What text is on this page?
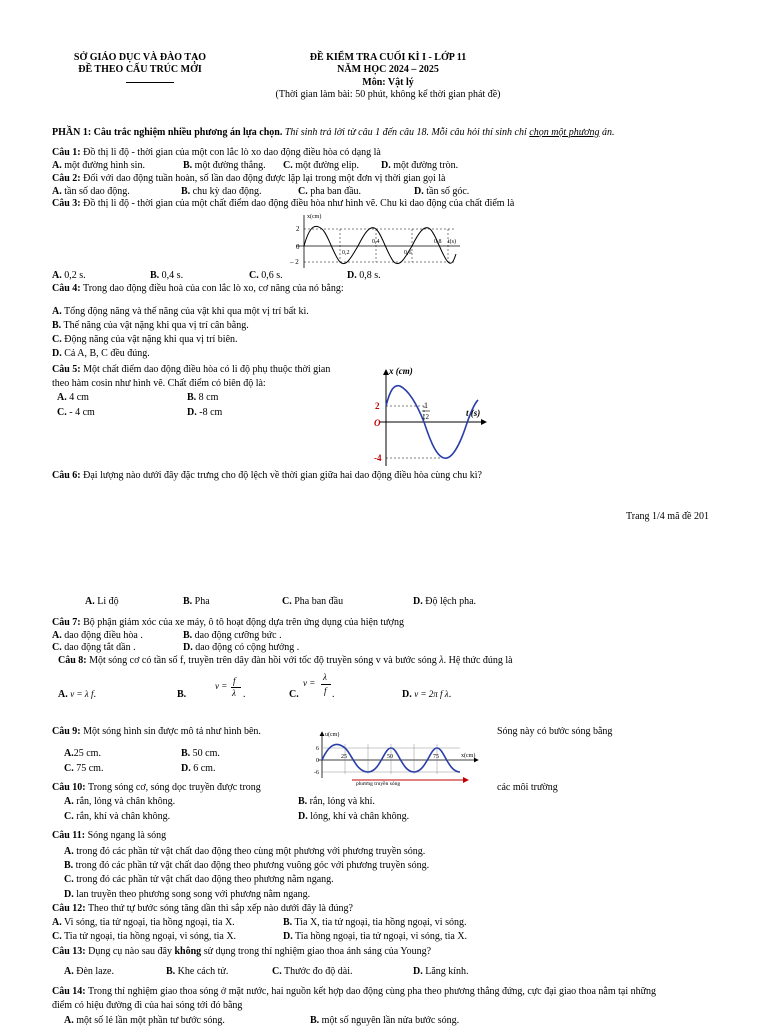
SỞ GIÁO DỤC VÀ ĐÀO TẠO
ĐỀ THEO CẤU TRÚC MỚI
ĐỀ KIỂM TRA CUỐI KÌ I - LỚP 11
NĂM HỌC 2024 – 2025
Môn: Vật lý
(Thời gian làm bài: 50 phút, không kể thời gian phát đề)
PHẦN 1: Câu trắc nghiệm nhiều phương án lựa chọn. Thí sinh trả lời từ câu 1 đến câu 18. Mỗi câu hỏi thí sinh chỉ chọn một phương án.
Câu 1: Đồ thị li độ - thời gian của một con lắc lò xo dao động điều hòa có dạng là
A. một đường hình sin.	B. một đường thẳng. C. một đường elip. D. một đường tròn.
Câu 2: Đối với dao động tuần hoàn, số lần dao động được lặp lại trong một đơn vị thời gian gọi là
A. tần số dao động.	B. chu kỳ dao động.	C. pha ban đầu.	D. tần số góc.
Câu 3: Đồ thị li độ - thời gian của một chất điểm dao động điều hòa như hình vẽ. Chu kì dao động của chất điểm là
x(cm)
t(s)
2
0
– 2
0,2
0,4
0,6
0,8
A. 0,2 s.	B. 0,4 s.	C. 0,6 s.	D. 0,8 s.
Câu 4: Trong dao động điều hoà của con lắc lò xo, cơ năng của nó bằng:
A. Tổng động năng và thế năng của vật khi qua một vị trí bất kì.
B. Thế năng của vật nặng khi qua vị trí cân bằng.
C. Động năng của vật nặng khi qua vị trí biên.
D. Cả A, B, C đều đúng.
Câu 5: Một chất điểm dao động điều hòa có li độ phụ thuộc thời gian
theo hàm cosin như hình vẽ. Chất điểm có biên độ là:
A. 4 cm	B. 8 cm
C. - 4 cm	D. -8 cm
x (cm)
t (s)
O
2
-4
1
12
Câu 6: Đại lượng nào dưới đây đặc trưng cho độ lệch về thời gian giữa hai dao động điều hòa cùng chu kì?
Trang 1/4 mã đề 201
A. Li độ	B. Pha	C. Pha ban đầu	D. Độ lệch pha.
Câu 7: Bộ phận giảm xóc của xe máy, ô tô hoạt động dựa trên ứng dụng của hiện tượng
A. dao động điều hòa .	B. dao động cưỡng bức .
C. dao động tắt dần .	D. dao động có cộng hưởng .
Câu 8: Một sóng cơ có tần số f, truyền trên dây đàn hồi với tốc độ truyền sóng v và bước sóng λ. Hệ thức đúng là
A. v = λ f.	B.
v = f
λ .	C.
v =
λ
f .	D. v = 2π f λ.
Câu 9: Một sóng hình sin được mô tả như hình bên.	Sóng này có bước sóng bằng
A.25 cm.	B. 50 cm.
C. 75 cm.	D. 6 cm.
u(cm)
x(cm)
6
0
-6
25	50	75
phương truyền sóng
Câu 10: Trong sóng cơ, sóng dọc truyền được trong	các môi trường
A. rắn, lỏng và chân không.	B. rắn, lỏng và khí.
C. rắn, khí và chân không.	D. lỏng, khí và chân không.
Câu 11: Sóng ngang là sóng
A. trong đó các phần tử vật chất dao động theo cùng một phương với phương truyền sóng.
B. trong đó các phần tử vật chất dao động theo phương vuông góc với phương truyền sóng.
C. trong đó các phần tử vật chất dao động theo phương nằm ngang.
D. lan truyền theo phương song song với phương nằm ngang.
Câu 12: Theo thứ tự bước sóng tăng dần thì sắp xếp nào dưới đây là đúng?
A. Vi sóng, tia tử ngoại, tia hồng ngoại, tia X.	B. Tia X, tia tử ngoại, tia hồng ngoại, vi sóng.
C. Tia tử ngoại, tia hồng ngoại, vi sóng, tia X.	D. Tia hồng ngoại, tia tử ngoại, vi sóng, tia X.
Câu 13: Dụng cụ nào sau đây không sử dụng trong thí nghiệm giao thoa ánh sáng của Young?
A. Đèn laze.	B. Khe cách tử.	C. Thước đo độ dài.	D. Lăng kính.
Câu 14: Trong thí nghiệm giao thoa sóng ở mặt nước, hai nguồn kết hợp dao động cùng pha theo phương thẳng đứng, cực đại giao thoa nằm tại những
điểm có hiệu đường đi của hai sóng tới đó bằng
A. một số lẻ lần một phần tư bước sóng.	B. một số nguyên lần nửa bước sóng.
